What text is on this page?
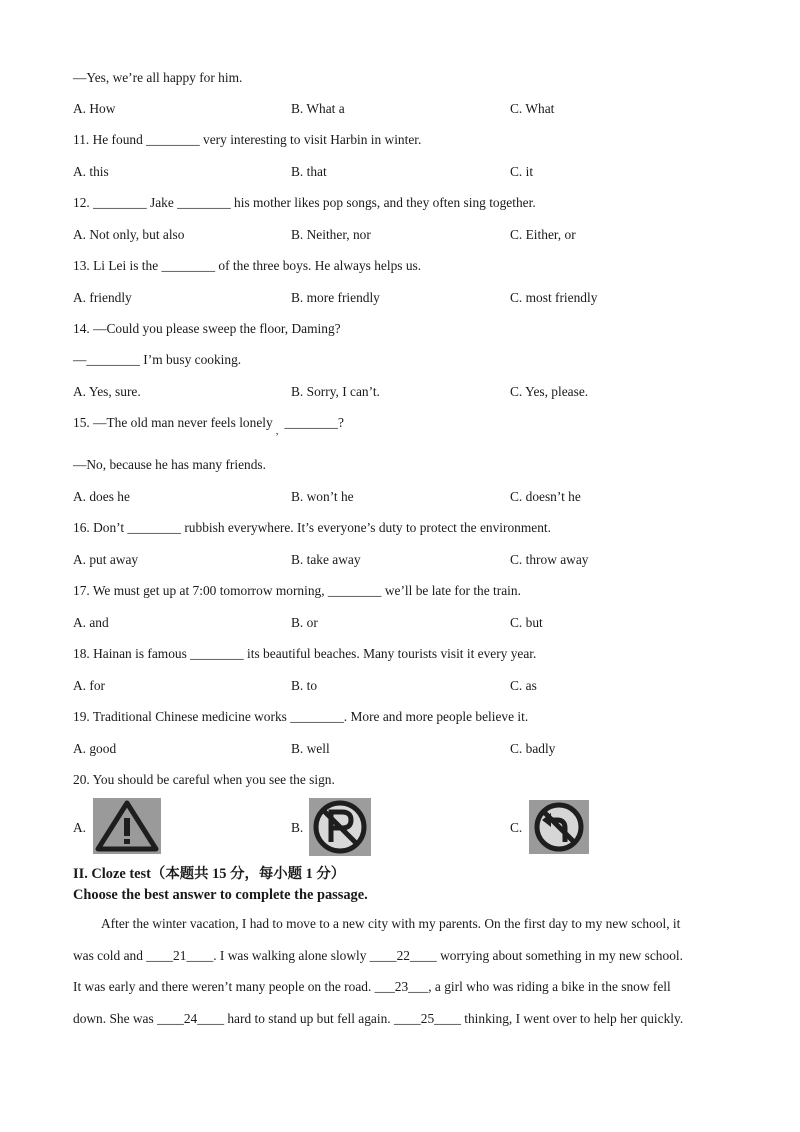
—Yes, we’re all happy for him.
A. How	B. What a	C. What
11. He found ________ very interesting to visit Harbin in winter.
A. this	B. that	C. it
12. ________ Jake ________ his mother likes pop songs, and they often sing together.
A. Not only, but also	B. Neither, nor	C. Either, or
13. Li Lei is the ________ of the three boys. He always helps us.
A. friendly	B. more friendly	C. most friendly
14. —Could you please sweep the floor, Daming?
—________ I’m busy cooking.
A. Yes, sure.	B. Sorry, I can’t.	C. Yes, please.
15. —The old man never feels lonely$_,$________?
—No, because he has many friends.
A. does he	B. won’t he	C. doesn’t he
16. Don’t ________ rubbish everywhere. It’s everyone’s duty to protect the environment.
A. put away	B. take away	C. throw away
17. We must get up at 7:00 tomorrow morning, ________ we’ll be late for the train.
A. and	B. or	C. but
18. Hainan is famous ________ its beautiful beaches. Many tourists visit it every year.
A. for	B. to	C. as
19. Traditional Chinese medicine works ________. More and more people believe it.
A. good	B. well	C. badly
20. You should be careful when you see the sign.
A.	B.	C.
II. Cloze test（本题共 15 分，每小题 1 分）
Choose the best answer to complete the passage.
After the winter vacation, I had to move to a new city with my parents. On the first day to my new school, it
was cold and ____21____. I was walking alone slowly ____22____ worrying about something in my new school.
It was early and there weren’t many people on the road. ___23___, a girl who was riding a bike in the snow fell
down. She was ____24____ hard to stand up but fell again. ____25____ thinking, I went over to help her quickly.
